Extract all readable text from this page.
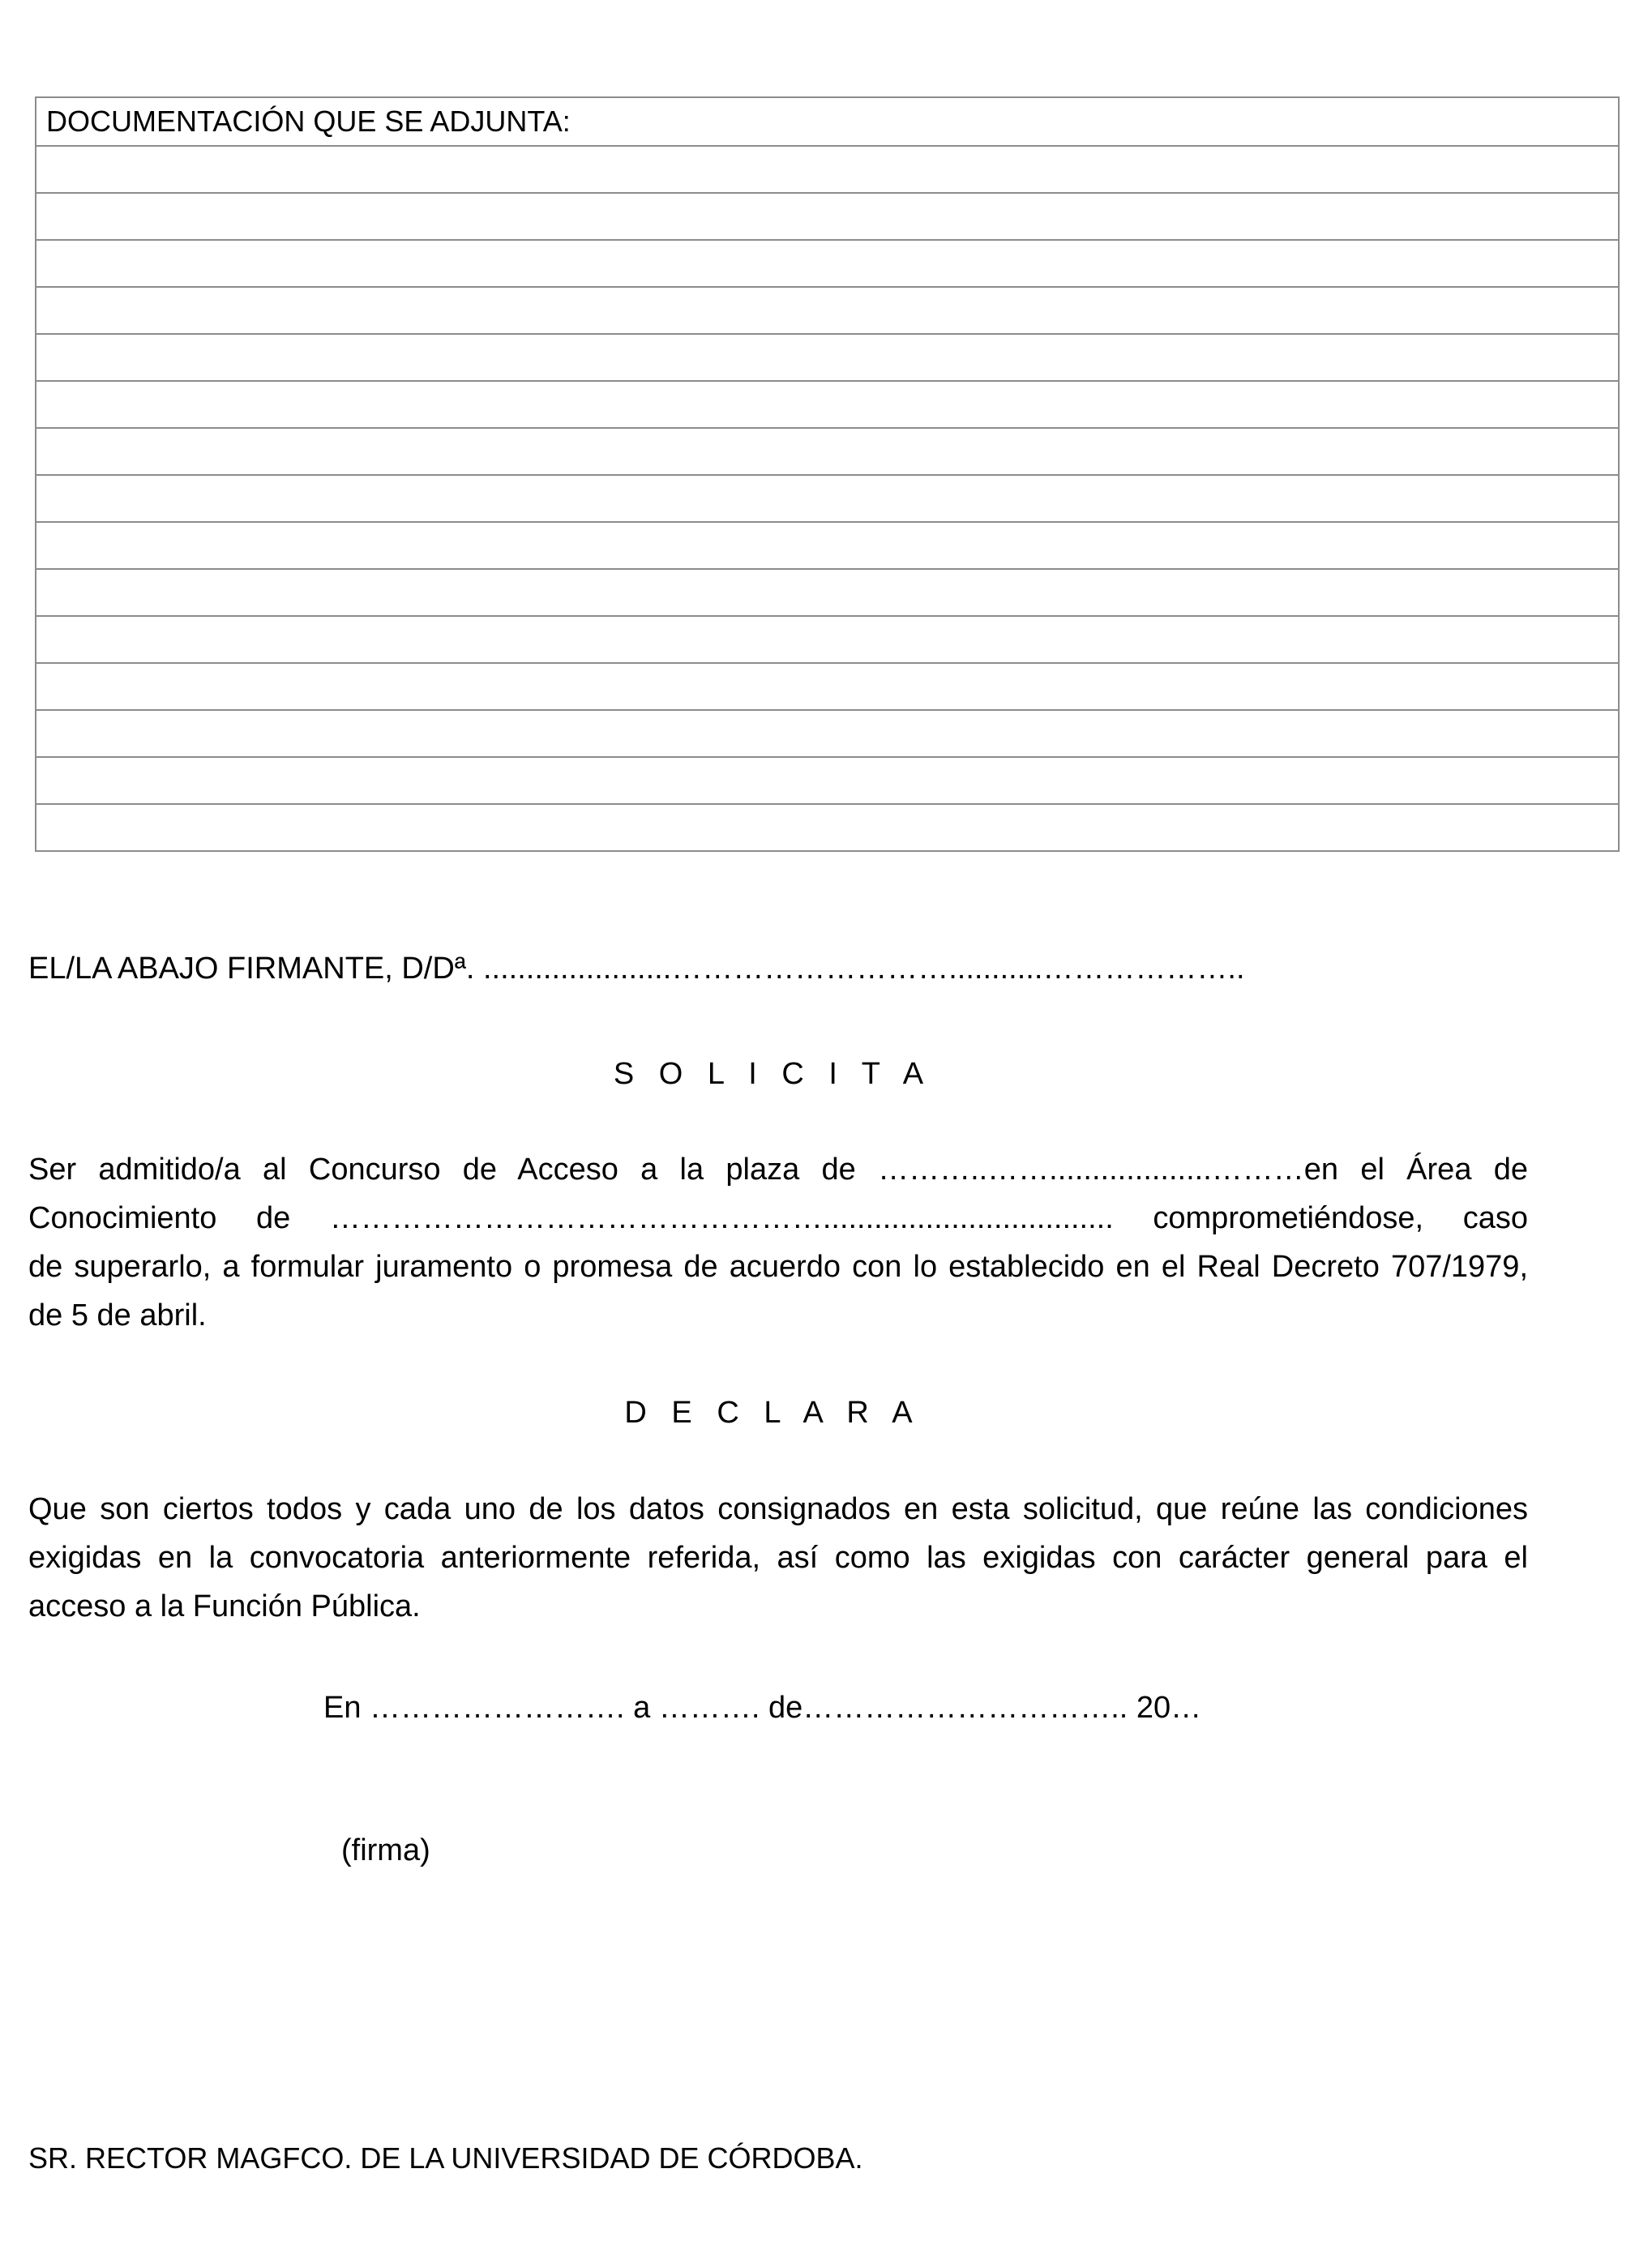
DOCUMENTACIÓN QUE SE ADJUNTA:

EL/LA ABAJO FIRMANTE, D/Dª. ......................………………………...........………………..
S O L I C I T A
Ser admitido/a al Concurso de Acceso a la plaza de ………..……...................………en el Área de
Conocimiento de ………………………………………….................................. comprometiéndose, caso
de superarlo, a formular juramento o promesa de acuerdo con lo establecido en el Real Decreto 707/1979,
de 5 de abril.
D E C L A R A
Que son ciertos todos y cada uno de los datos consignados en esta solicitud, que reúne las condiciones
exigidas en la convocatoria anteriormente referida, así como las exigidas con carácter general para el
acceso a la Función Pública.
En ……………………. a ………. de………………………….. 20…
(firma)
SR. RECTOR MAGFCO. DE LA UNIVERSIDAD DE CÓRDOBA.
